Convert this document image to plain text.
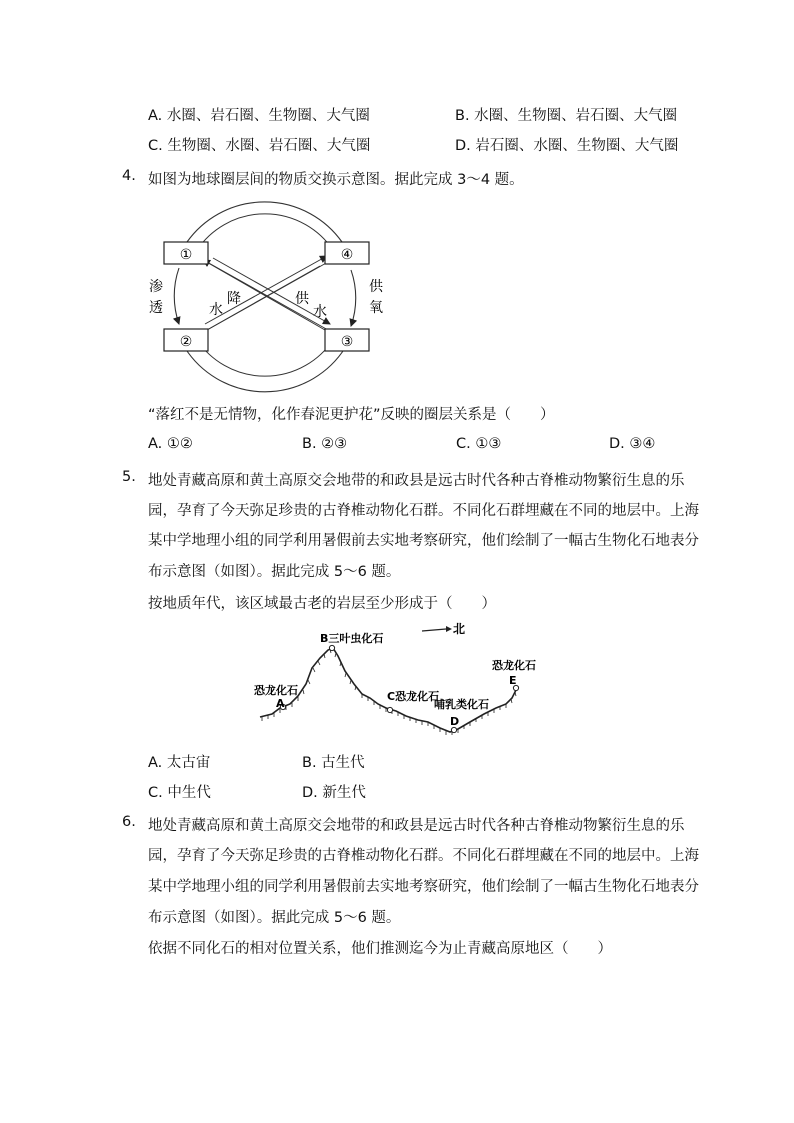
A. 水圈、岩石圈、生物圈、大气圈	B. 水圈、生物圈、岩石圈、大气圈
C. 生物圈、水圈、岩石圈、大气圈	D. 岩石圈、水圈、生物圈、大气圈
4. 如图为地球圈层间的物质交换示意图。据此完成 3～4 题。
①	④
②	③
渗
透
供
氧
降
水
供
水
“落红不是无情物，化作春泥更护花”反映的圈层关系是（　　）
A. ①②	B. ②③	C. ①③	D. ③④
5. 地处青藏高原和黄土高原交会地带的和政县是远古时代各种古脊椎动物繁衍生息的乐
园，孕育了今天弥足珍贵的古脊椎动物化石群。不同化石群埋藏在不同的地层中。上海
某中学地理小组的同学利用暑假前去实地考察研究，他们绘制了一幅古生物化石地表分
布示意图（如图）。据此完成 5～6 题。
按地质年代，该区域最古老的岩层至少形成于（　　）
北
B三叶虫化石
恐龙化石
A
C恐龙化石
哺乳类化石
D
恐龙化石
E
A. 太古宙	B. 古生代
C. 中生代	D. 新生代
6. 地处青藏高原和黄土高原交会地带的和政县是远古时代各种古脊椎动物繁衍生息的乐
园，孕育了今天弥足珍贵的古脊椎动物化石群。不同化石群埋藏在不同的地层中。上海
某中学地理小组的同学利用暑假前去实地考察研究，他们绘制了一幅古生物化石地表分
布示意图（如图）。据此完成 5～6 题。
依据不同化石的相对位置关系，他们推测迄今为止青藏高原地区（　　）
